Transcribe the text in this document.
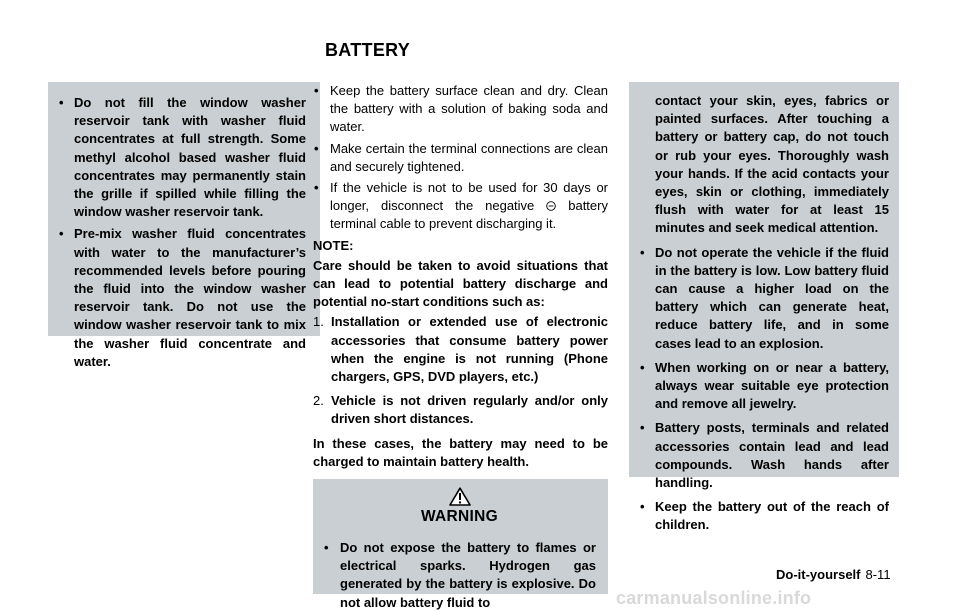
BATTERY
• Do not fill the window washer reservoir tank with washer fluid concentrates at full strength. Some methyl alcohol based washer fluid concentrates may permanently stain the grille if spilled while filling the window washer reservoir tank.
• Pre-mix washer fluid concentrates with water to the manufacturer’s recommended levels before pouring the fluid into the window washer reservoir tank. Do not use the window washer reservoir tank to mix the washer fluid concentrate and water.
• Keep the battery surface clean and dry. Clean the battery with a solution of baking soda and water.
• Make certain the terminal connections are clean and securely tightened.
• If the vehicle is not to be used for 30 days or longer, disconnect the negative	battery terminal cable to prevent discharging it.

NOTE:

Care should be taken to avoid situations that can lead to potential battery discharge and potential no-start conditions such as:

1. Installation or extended use of electronic accessories that consume battery power when the engine is not running (Phone chargers, GPS, DVD players, etc.)
2. Vehicle is not driven regularly and/or only driven short distances.

In these cases, the battery may need to be charged to maintain battery health.

WARNING
• Do not expose the battery to flames or electrical sparks. Hydrogen gas generated by the battery is explosive. Do not allow battery fluid to
contact your skin, eyes, fabrics or painted surfaces. After touching a battery or battery cap, do not touch or rub your eyes. Thoroughly wash your hands. If the acid contacts your eyes, skin or clothing, immediately flush with water for at least 15 minutes and seek medical attention.
• Do not operate the vehicle if the fluid in the battery is low. Low battery fluid can cause a higher load on the battery which can generate heat, reduce battery life, and in some cases lead to an explosion.
• When working on or near a battery, always wear suitable eye protection and remove all jewelry.
• Battery posts, terminals and related accessories contain lead and lead compounds. Wash hands after handling.
• Keep the battery out of the reach of children.
Do-it-yourself 8-11
carmanualsonline.info
